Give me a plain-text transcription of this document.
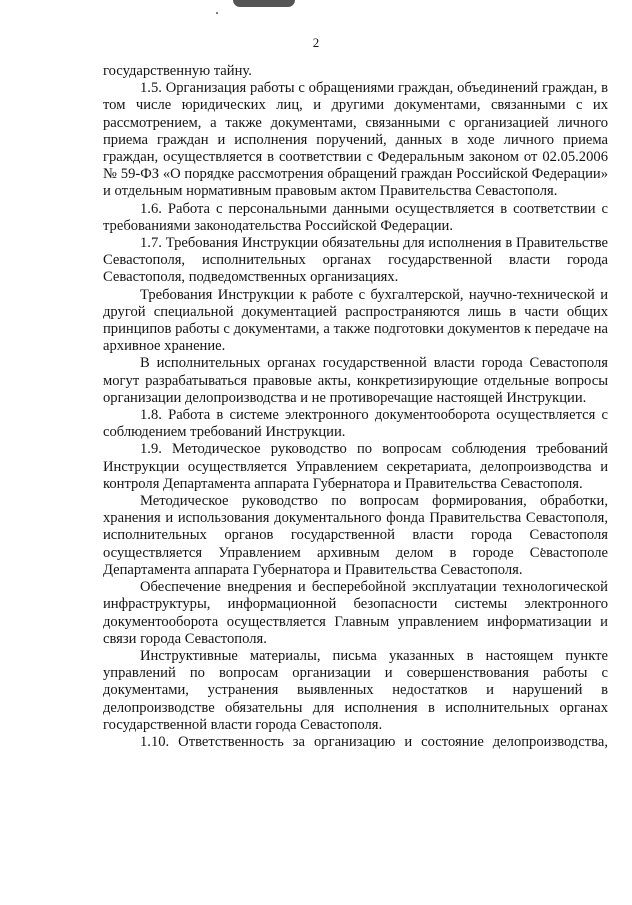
2

государственную тайну.

1.5. Организация работы с обращениями граждан, объединений граждан, в том числе юридических лиц, и другими документами, связанными с их рассмотрением, а также документами, связанными с организацией личного приема граждан и исполнения поручений, данных в ходе личного приема граждан, осуществляется в соответствии с Федеральным законом от 02.05.2006 № 59-ФЗ «О порядке рассмотрения обращений граждан Российской Федерации» и отдельным нормативным правовым актом Правительства Севастополя.

1.6. Работа с персональными данными осуществляется в соответствии с требованиями законодательства Российской Федерации.

1.7. Требования Инструкции обязательны для исполнения в Правительстве Севастополя, исполнительных органах государственной власти города Севастополя, подведомственных организациях.

Требования Инструкции к работе с бухгалтерской, научно-технической и другой специальной документацией распространяются лишь в части общих принципов работы с документами, а также подготовки документов к передаче на архивное хранение.

В исполнительных органах государственной власти города Севастополя могут разрабатываться правовые акты, конкретизирующие отдельные вопросы организации делопроизводства и не противоречащие настоящей Инструкции.

1.8. Работа в системе электронного документооборота осуществляется с соблюдением требований Инструкции.

1.9. Методическое руководство по вопросам соблюдения требований Инструкции осуществляется Управлением секретариата, делопроизводства и контроля Департамента аппарата Губернатора и Правительства Севастополя.

Методическое руководство по вопросам формирования, обработки, хранения и использования документального фонда Правительства Севастополя, исполнительных органов государственной власти города Севастополя осуществляется Управлением архивным делом в городе Севастополе Департамента аппарата Губернатора и Правительства Севастополя.

Обеспечение внедрения и бесперебойной эксплуатации технологической инфраструктуры, информационной безопасности системы электронного документооборота осуществляется Главным управлением информатизации и связи города Севастополя.

Инструктивные материалы, письма указанных в настоящем пункте управлений по вопросам организации и совершенствования работы с документами, устранения выявленных недостатков и нарушений в делопроизводстве обязательны для исполнения в исполнительных органах государственной власти города Севастополя.

1.10. Ответственность за организацию и состояние делопроизводства,
